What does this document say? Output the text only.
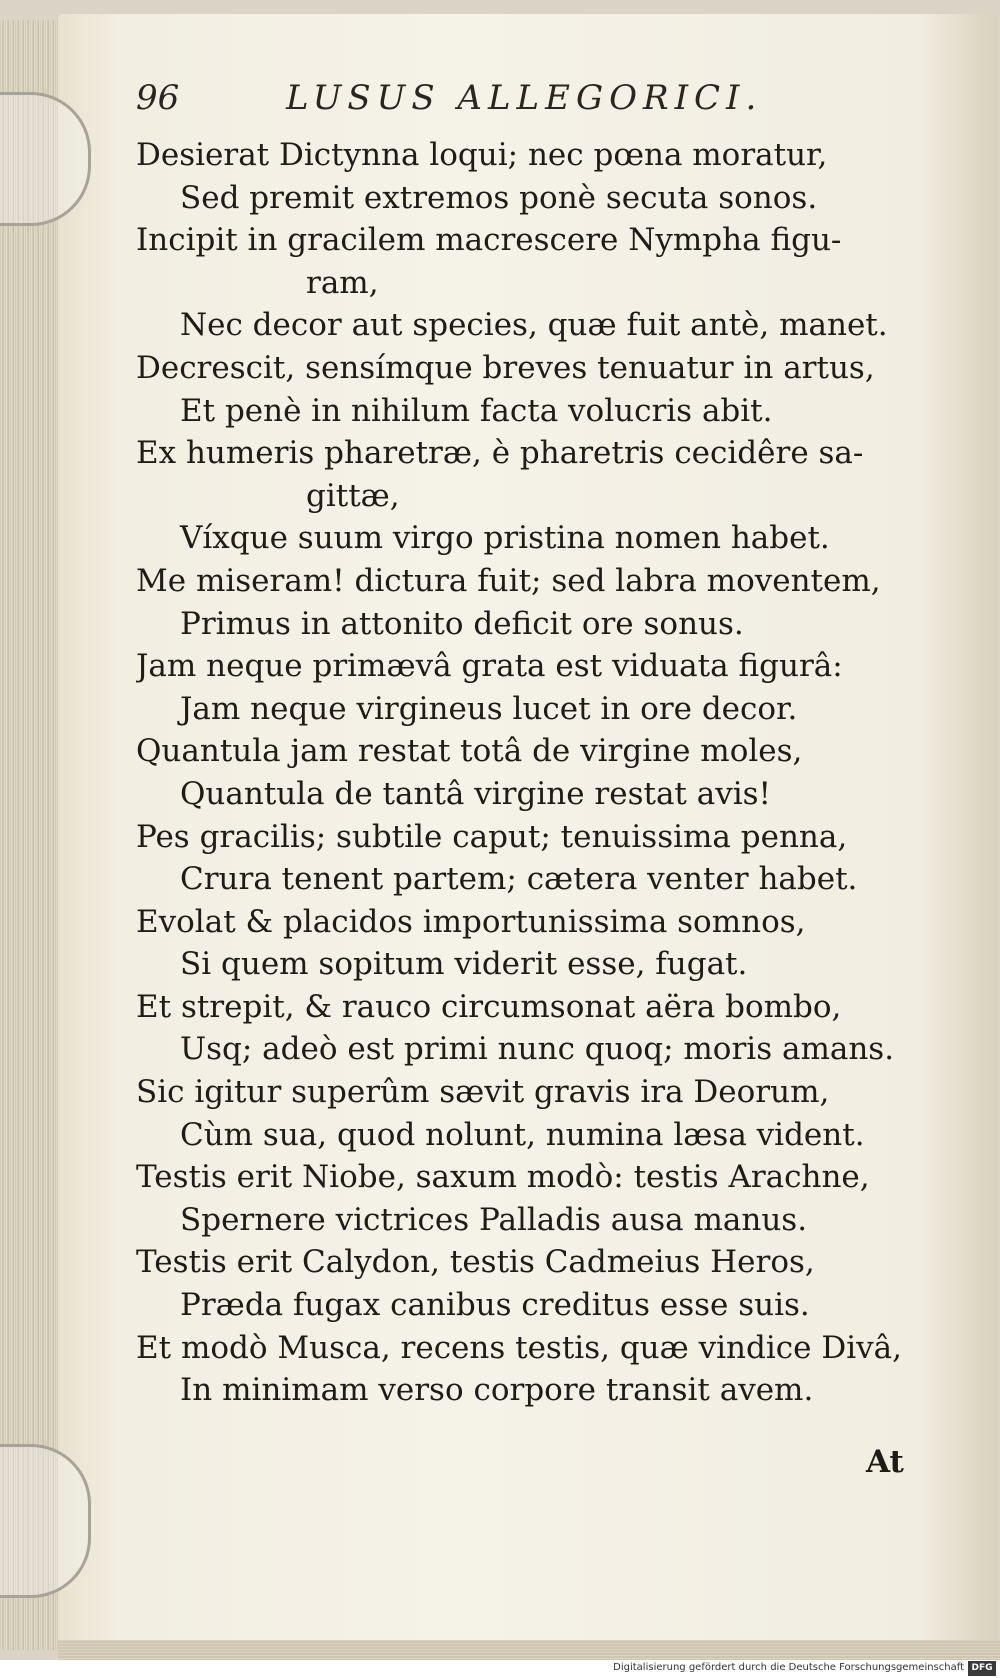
96	LUSUS ALLEGORICI.
Desierat Dictynna loqui; nec pœna moratur,
Sed premit extremos ponè secuta sonos.
Incipit in gracilem macrescere Nympha figu-
ram,
Nec decor aut species, quæ fuit antè, manet.
Decrescit, sensímque breves tenuatur in artus,
Et penè in nihilum facta volucris abit.
Ex humeris pharetræ, è pharetris cecidêre sa-
gittæ,
Víxque suum virgo pristina nomen habet.
Me miseram! dictura fuit; sed labra moventem,
Primus in attonito deficit ore sonus.
Jam neque primævâ grata est viduata figurâ:
Jam neque virgineus lucet in ore decor.
Quantula jam restat totâ de virgine moles,
Quantula de tantâ virgine restat avis!
Pes gracilis; subtile caput; tenuissima penna,
Crura tenent partem; cætera venter habet.
Evolat & placidos importunissima somnos,
Si quem sopitum viderit esse, fugat.
Et strepit, & rauco circumsonat aëra bombo,
Usq; adeò est primi nunc quoq; moris amans.
Sic igitur superûm sævit gravis ira Deorum,
Cùm sua, quod nolunt, numina læsa vident.
Testis erit Niobe, saxum modò: testis Arachne,
Spernere victrices Palladis ausa manus.
Testis erit Calydon, testis Cadmeius Heros,
Præda fugax canibus creditus esse suis.
Et modò Musca, recens testis, quæ vindice Divâ,
In minimam verso corpore transit avem.
At
Digitalisierung gefördert durch die Deutsche Forschungsgemeinschaft DFG
